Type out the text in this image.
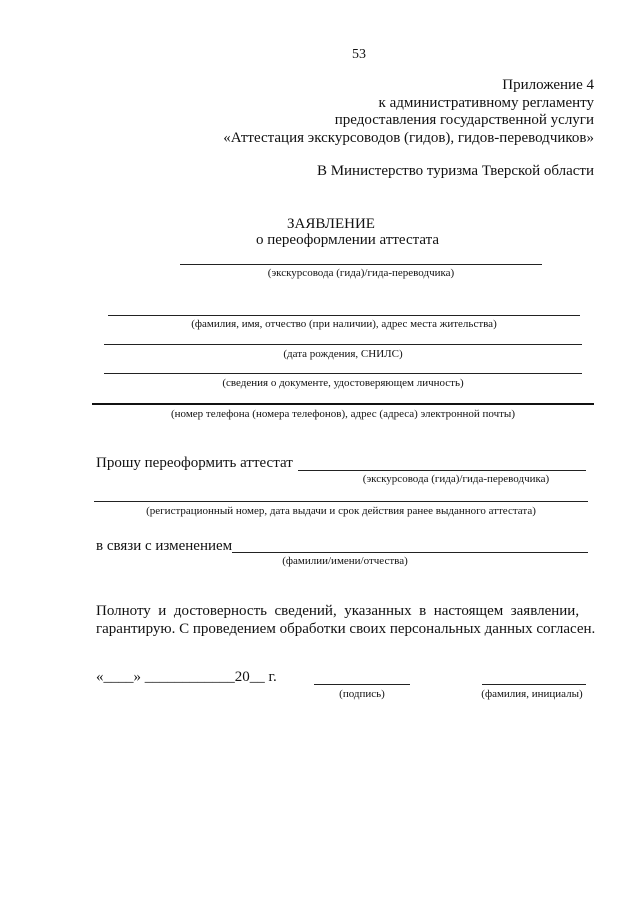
53
Приложение 4
к административному регламенту
предоставления государственной услуги
«Аттестация экскурсоводов (гидов), гидов-переводчиков»
В Министерство туризма Тверской области
ЗАЯВЛЕНИЕ
о переоформлении аттестата
(экскурсовода (гида)/гида-переводчика)
(фамилия, имя, отчество (при наличии), адрес места жительства)
(дата рождения, СНИЛС)
(сведения о документе, удостоверяющем личность)
(номер телефона (номера телефонов), адрес (адреса) электронной почты)
Прошу переоформить аттестат
(экскурсовода (гида)/гида-переводчика)
(регистрационный номер, дата выдачи и срок действия ранее выданного аттестата)
в связи с изменением
(фамилии/имени/отчества)
Полноту  и  достоверность  сведений,  указанных  в  настоящем  заявлении,
гарантирую. С проведением обработки своих персональных данных согласен.
«____» ____________20__ г.
(подпись)	(фамилия, инициалы)
